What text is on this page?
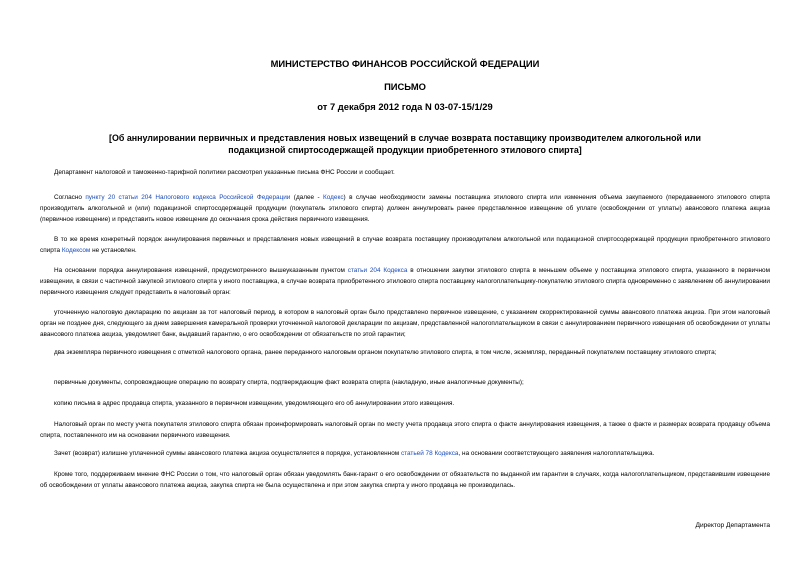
МИНИСТЕРСТВО ФИНАНСОВ РОССИЙСКОЙ ФЕДЕРАЦИИ
ПИСЬМО
от 7 декабря 2012 года N 03-07-15/1/29
[Об аннулировании первичных и представления новых извещений в случае возврата поставщику производителем алкогольной или подакцизной спиртосодержащей продукции приобретенного этилового спирта]

Департамент налоговой и таможенно-тарифной политики рассмотрел указанные письма ФНС России и сообщает.

Согласно пункту 20 статьи 204 Налогового кодекса Российской Федерации (далее - Кодекс) в случае необходимости замены поставщика этилового спирта или изменения объема закупаемого (передаваемого этилового спирта производитель алкогольной и (или) подакцизной спиртосодержащей продукции (покупатель этилового спирта) должен аннулировать ранее представленное извещение об уплате (освобождении от уплаты) авансового платежа акциза (первичное извещение) и представить новое извещение до окончания срока действия первичного извещения.

В то же время конкретный порядок аннулирования первичных и представления новых извещений в случае возврата поставщику производителем алкогольной или подакцизной спиртосодержащей продукции приобретенного этилового спирта Кодексом не установлен.

На основании порядка аннулирования извещений, предусмотренного вышеуказанным пунктом статьи 204 Кодекса в отношении закупки этилового спирта в меньшем объеме у поставщика этилового спирта, указанного в первичном извещении, в связи с частичной закупкой этилового спирта у иного поставщика, в случае возврата приобретенного этилового спирта поставщику налогоплательщику-покупателю этилового спирта одновременно с заявлением об аннулировании первичного извещения следует представить в налоговый орган:

уточненную налоговую декларацию по акцизам за тот налоговый период, в котором в налоговый орган было представлено первичное извещение, с указанием скорректированной суммы авансового платежа акциза. При этом налоговый орган не позднее дня, следующего за днем завершения камеральной проверки уточненной налоговой декларации по акцизам, представленной налогоплательщиком в связи с аннулированием первичного извещения об освобождении от уплаты авансового платежа акциза, уведомляет банк, выдавший гарантию, о его освобождении от обязательств по этой гарантии;

два экземпляра первичного извещения с отметкой налогового органа, ранее переданного налоговым органом покупателю этилового спирта, в том числе, экземпляр, переданный покупателем поставщику этилового спирта;

первичные документы, сопровождающие операцию по возврату спирта, подтверждающие факт возврата спирта (накладную, иные аналогичные документы);

копию письма в адрес продавца спирта, указанного в первичном извещении, уведомляющего его об аннулировании этого извещения.

Налоговый орган по месту учета покупателя этилового спирта обязан проинформировать налоговый орган по месту учета продавца этого спирта о факте аннулирования извещения, а также о факте и размерах возврата продавцу объема спирта, поставленного им на основании первичного извещения.

Зачет (возврат) излишне уплаченной суммы авансового платежа акциза осуществляется в порядке, установленном статьей 78 Кодекса, на основании соответствующего заявления налогоплательщика.

Кроме того, поддерживаем мнение ФНС России о том, что налоговый орган обязан уведомлять банк-гарант о его освобождении от обязательств по выданной им гарантии в случаях, когда налогоплательщиком, представившим извещение об освобождении от уплаты авансового платежа акциза, закупка спирта не была осуществлена и при этом закупка спирта у иного продавца не производилась.

Директор Департамента
